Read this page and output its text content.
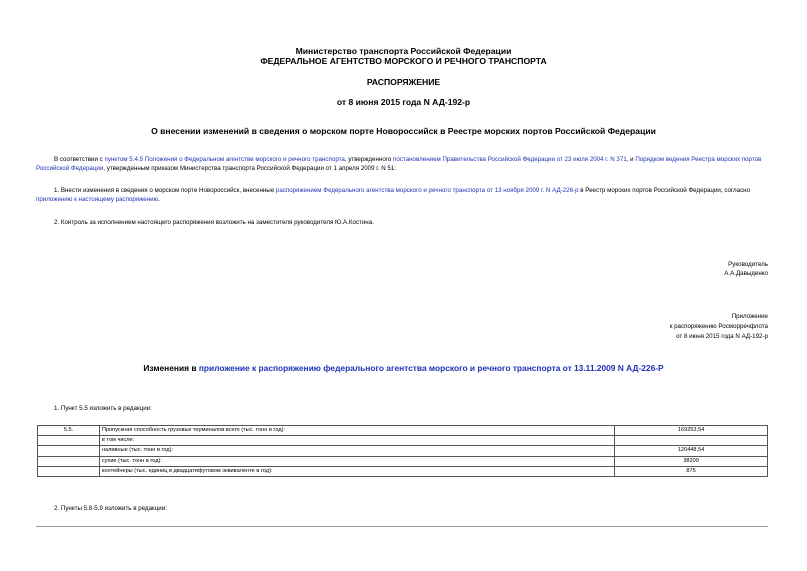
Министерство транспорта Российской Федерации
ФЕДЕРАЛЬНОЕ АГЕНТСТВО МОРСКОГО И РЕЧНОГО ТРАНСПОРТА
РАСПОРЯЖЕНИЕ
от 8 июня 2015 года N АД-192-р
О внесении изменений в сведения о морском порте Новороссийск в Реестре морских портов Российской Федерации
В соответствии с пунктом 5.4.5 Положения о Федеральном агентстве морского и речного транспорта, утвержденного постановлением Правительства Российской Федерации от 23 июля 2004 г. N 371, и Порядком ведения Реестра морских портов Российской Федерации, утвержденным приказом Министерства транспорта Российской Федерации от 1 апреля 2009 г. N 51:
1. Внести изменения в сведения о морском порте Новороссийск, внесенные распоряжением Федерального агентства морского и речного транспорта от 13 ноября 2009 г. N АД-226-р в Реестр морских портов Российской Федерации, согласно приложению к настоящему распоряжению.
2. Контроль за исполнением настоящего распоряжения возложить на заместителя руководителя Ю.А.Костина.
Руководитель
А.А.Давыденко
Приложение
к распоряжению Росморречфлота
от 8 июня 2015 года N АД-192-р
Изменения в приложение к распоряжению федерального агентства морского и речного транспорта от 13.11.2009 N АД-226-Р
1. Пункт 5.5 изложить в редакции:
5.5.	Пропускная способность грузовых терминалов всего (тыс. тонн в год):	169253,54
	в том числе:	
	наливные (тыс. тонн в год):	120448,54
	сухие (тыс. тонн в год):	38209
	контейнеры (тыс. единиц в двадцатифутовом эквиваленте в год):	875
2. Пункты 5.8-5.9 изложить в редакции:
